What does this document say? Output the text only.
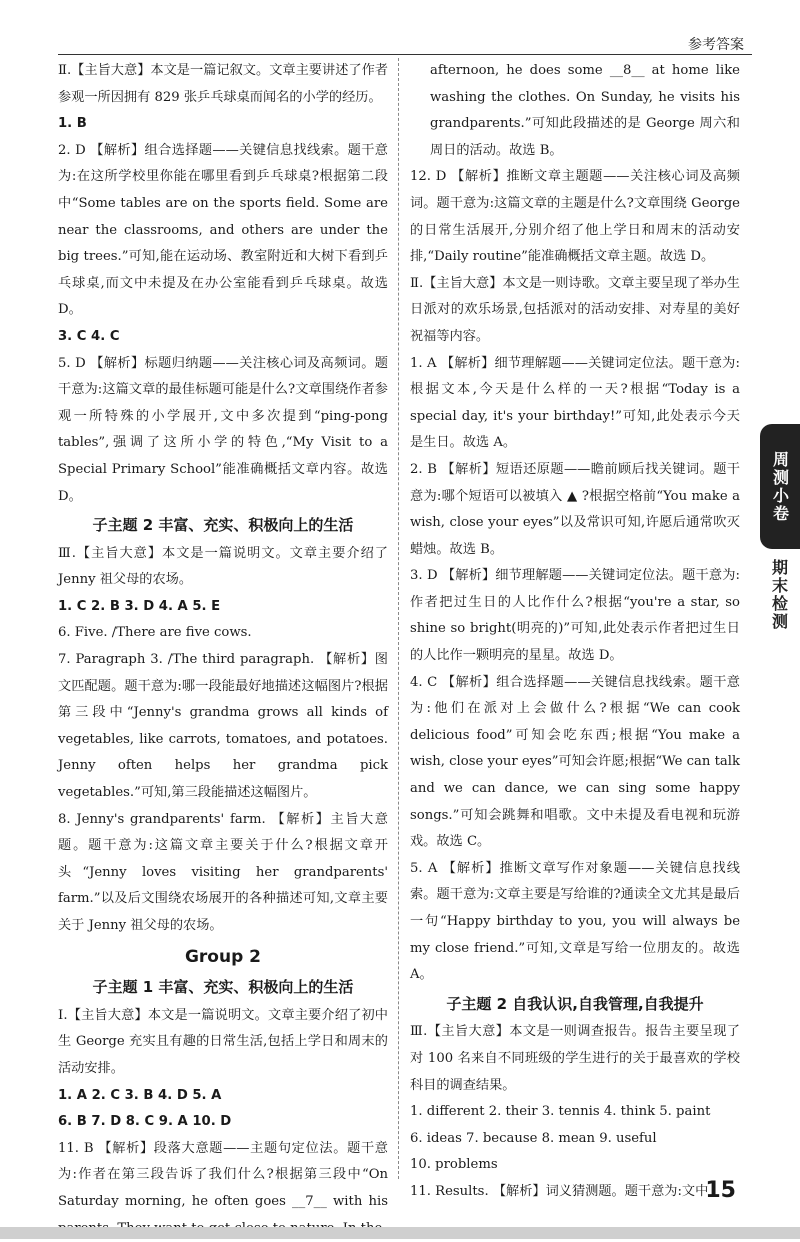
参考答案

Ⅱ.【主旨大意】本文是一篇记叙文。文章主要讲述了作者参观一所因拥有 829 张乒乓球桌而闻名的小学的经历。

1. B

2. D 【解析】组合选择题——关键信息找线索。题干意为:在这所学校里你能在哪里看到乒乓球桌?根据第二段中“Some tables are on the sports field. Some are near the classrooms, and others are under the big trees.”可知,能在运动场、教室附近和大树下看到乒乓球桌,而文中未提及在办公室能看到乒乓球桌。故选 D。

3. C 4. C

5. D 【解析】标题归纳题——关注核心词及高频词。题干意为:这篇文章的最佳标题可能是什么?文章围绕作者参观一所特殊的小学展开,文中多次提到“ping-pong tables”,强调了这所小学的特色,“My Visit to a Special Primary School”能准确概括文章内容。故选 D。

子主题 2 丰富、充实、积极向上的生活

Ⅲ.【主旨大意】本文是一篇说明文。文章主要介绍了 Jenny 祖父母的农场。

1. C 2. B 3. D 4. A 5. E

6. Five. /There are five cows.

7. Paragraph 3. /The third paragraph. 【解析】图文匹配题。题干意为:哪一段能最好地描述这幅图片?根据第三段中“Jenny's grandma grows all kinds of vegetables, like carrots, tomatoes, and potatoes. Jenny often helps her grandma pick vegetables.”可知,第三段能描述这幅图片。

8. Jenny's grandparents' farm. 【解析】主旨大意题。题干意为:这篇文章主要关于什么?根据文章开头“Jenny loves visiting her grandparents' farm.”以及后文围绕农场展开的各种描述可知,文章主要关于 Jenny 祖父母的农场。

Group 2

子主题 1 丰富、充实、积极向上的生活

Ⅰ.【主旨大意】本文是一篇说明文。文章主要介绍了初中生 George 充实且有趣的日常生活,包括上学日和周末的活动安排。

1. A 2. C 3. B 4. D 5. A

6. B 7. D 8. C 9. A 10. D

11. B 【解析】段落大意题——主题句定位法。题干意为:作者在第三段告诉了我们什么?根据第三段中“On Saturday morning, he often goes __7__ with his

afternoon, he does some __8__ at home like washing the clothes. On Sunday, he visits his grandparents.”可知此段描述的是 George 周六和周日的活动。故选 B。

12. D 【解析】推断文章主题题——关注核心词及高频词。题干意为:这篇文章的主题是什么?文章围绕 George 的日常生活展开,分别介绍了他上学日和周末的活动安排,“Daily routine”能准确概括文章主题。故选 D。

Ⅱ.【主旨大意】本文是一则诗歌。文章主要呈现了举办生日派对的欢乐场景,包括派对的活动安排、对寿星的美好祝福等内容。

1. A 【解析】细节理解题——关键词定位法。题干意为:根据文本,今天是什么样的一天?根据“Today is a special day, it's your birthday!”可知,此处表示今天是生日。故选 A。

2. B 【解析】短语还原题——瞻前顾后找关键词。题干意为:哪个短语可以被填入 ▲ ?根据空格前“You make a wish, close your eyes”以及常识可知,许愿后通常吹灭蜡烛。故选 B。

3. D 【解析】细节理解题——关键词定位法。题干意为:作者把过生日的人比作什么?根据“you're a star, so shine so bright(明亮的)”可知,此处表示作者把过生日的人比作一颗明亮的星星。故选 D。

4. C 【解析】组合选择题——关键信息找线索。题干意为:他们在派对上会做什么?根据“We can cook delicious food”可知会吃东西;根据“You make a wish, close your eyes”可知会许愿;根据“We can talk and we can dance, we can sing some happy songs.”可知会跳舞和唱歌。文中未提及看电视和玩游戏。故选 C。

5. A 【解析】推断文章写作对象题——关键信息找线索。题干意为:文章主要是写给谁的?通读全文尤其是最后一句“Happy birthday to you, you will always be my close friend.”可知,文章是写给一位朋友的。故选 A。

子主题 2 自我认识,自我管理,自我提升

Ⅲ.【主旨大意】本文是一则调查报告。报告主要呈现了对 100 名来自不同班级的学生进行的关于最喜欢的学校科目的调查结果。

1. different 2. their 3. tennis 4. think 5. paint

6. ideas 7. because 8. mean 9. useful

10. problems

11. Results. 【解析】词义猜测题。题干意为:文中

周测小卷
期末检测
15
